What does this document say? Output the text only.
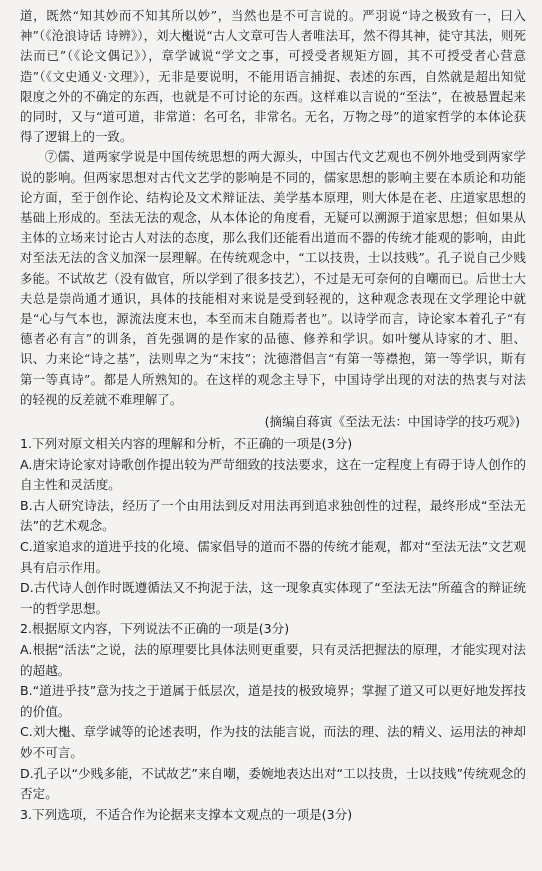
道，既然“知其妙而不知其所以妙”，当然也是不可言说的。严羽说“诗之极致有一，曰入神”（《沧浪诗话 诗辨》），刘大櫆说“古人文章可告人者唯法耳，然不得其神，徒守其法，则死法而已”（《论文偶记》），章学诚说“学文之事，可授受者规矩方圆，其不可授受者心营意造”（《文史通义·文理》），无非是要说明，不能用语言捕捉、表述的东西，自然就是超出知觉限度之外的不确定的东西，也就是不可讨论的东西。这样难以言说的“至法”，在被悬置起来的同时，又与“道可道，非常道：名可名，非常名。无名，万物之母”的道家哲学的本体论获得了逻辑上的一致。

⑦儒、道两家学说是中国传统思想的两大源头，中国古代文艺观也不例外地受到两家学说的影响。但两家思想对古代文艺学的影响是不同的，儒家思想的影响主要在本质论和功能论方面，至于创作论、结构论及文术辩证法、美学基本原理，则大体是在老、庄道家思想的基础上形成的。至法无法的观念，从本体论的角度看，无疑可以溯源于道家思想；但如果从主体的立场来讨论古人对法的态度，那么我们还能看出道而不器的传统才能观的影响，由此对至法无法的含义加深一层理解。在传统观念中，“工以技贵，士以技贱”。孔子说自己少贱多能。不试故艺（没有做官，所以学到了很多技艺），不过是无可奈何的自嘲而已。后世士大夫总是崇尚通才通识，具体的技能相对来说是受到轻视的，这种观念表现在文学理论中就是“心与气本也，源流法度末也，本至而末自随焉者也”。以诗学而言，诗论家本着孔子“有德者必有言”的训条，首先强调的是作家的品德、修养和学识。如叶燮从诗家的才、胆、识、力来论“诗之基”，法则卑之为“末技”；沈德潜倡言“有第一等襟抱，第一等学识，斯有第一等真诗”。都是人所熟知的。在这样的观念主导下，中国诗学出现的对法的热衷与对法的轻视的反差就不难理解了。

(摘编自蒋寅《至法无法：中国诗学的技巧观》)

1.下列对原文相关内容的理解和分析，不正确的一项是(3分)

A.唐宋诗论家对诗歌创作提出较为严苛细致的技法要求，这在一定程度上有碍于诗人创作的自主性和灵活度。

B.古人研究诗法，经历了一个由用法到反对用法再到追求独创性的过程，最终形成“至法无法”的艺术观念。

C.道家追求的道进乎技的化境、儒家倡导的道而不器的传统才能观，都对“至法无法”文艺观具有启示作用。

D.古代诗人创作时既遵循法又不拘泥于法，这一现象真实体现了“至法无法”所蕴含的辩证统一的哲学思想。

2.根据原文内容，下列说法不正确的一项是(3分)

A.根据“活法”之说，法的原理要比具体法则更重要，只有灵活把握法的原理，才能实现对法的超越。

B.“道进乎技”意为技之于道属于低层次，道是技的极致境界；掌握了道又可以更好地发挥技的价值。

C.刘大櫆、章学诚等的论述表明，作为技的法能言说，而法的理、法的精义、运用法的神却妙不可言。

D.孔子以“少贱多能，不试故艺”来自嘲，委婉地表达出对“工以技贵，士以技贱”传统观念的否定。

3.下列选项，不适合作为论据来支撑本文观点的一项是(3分)
